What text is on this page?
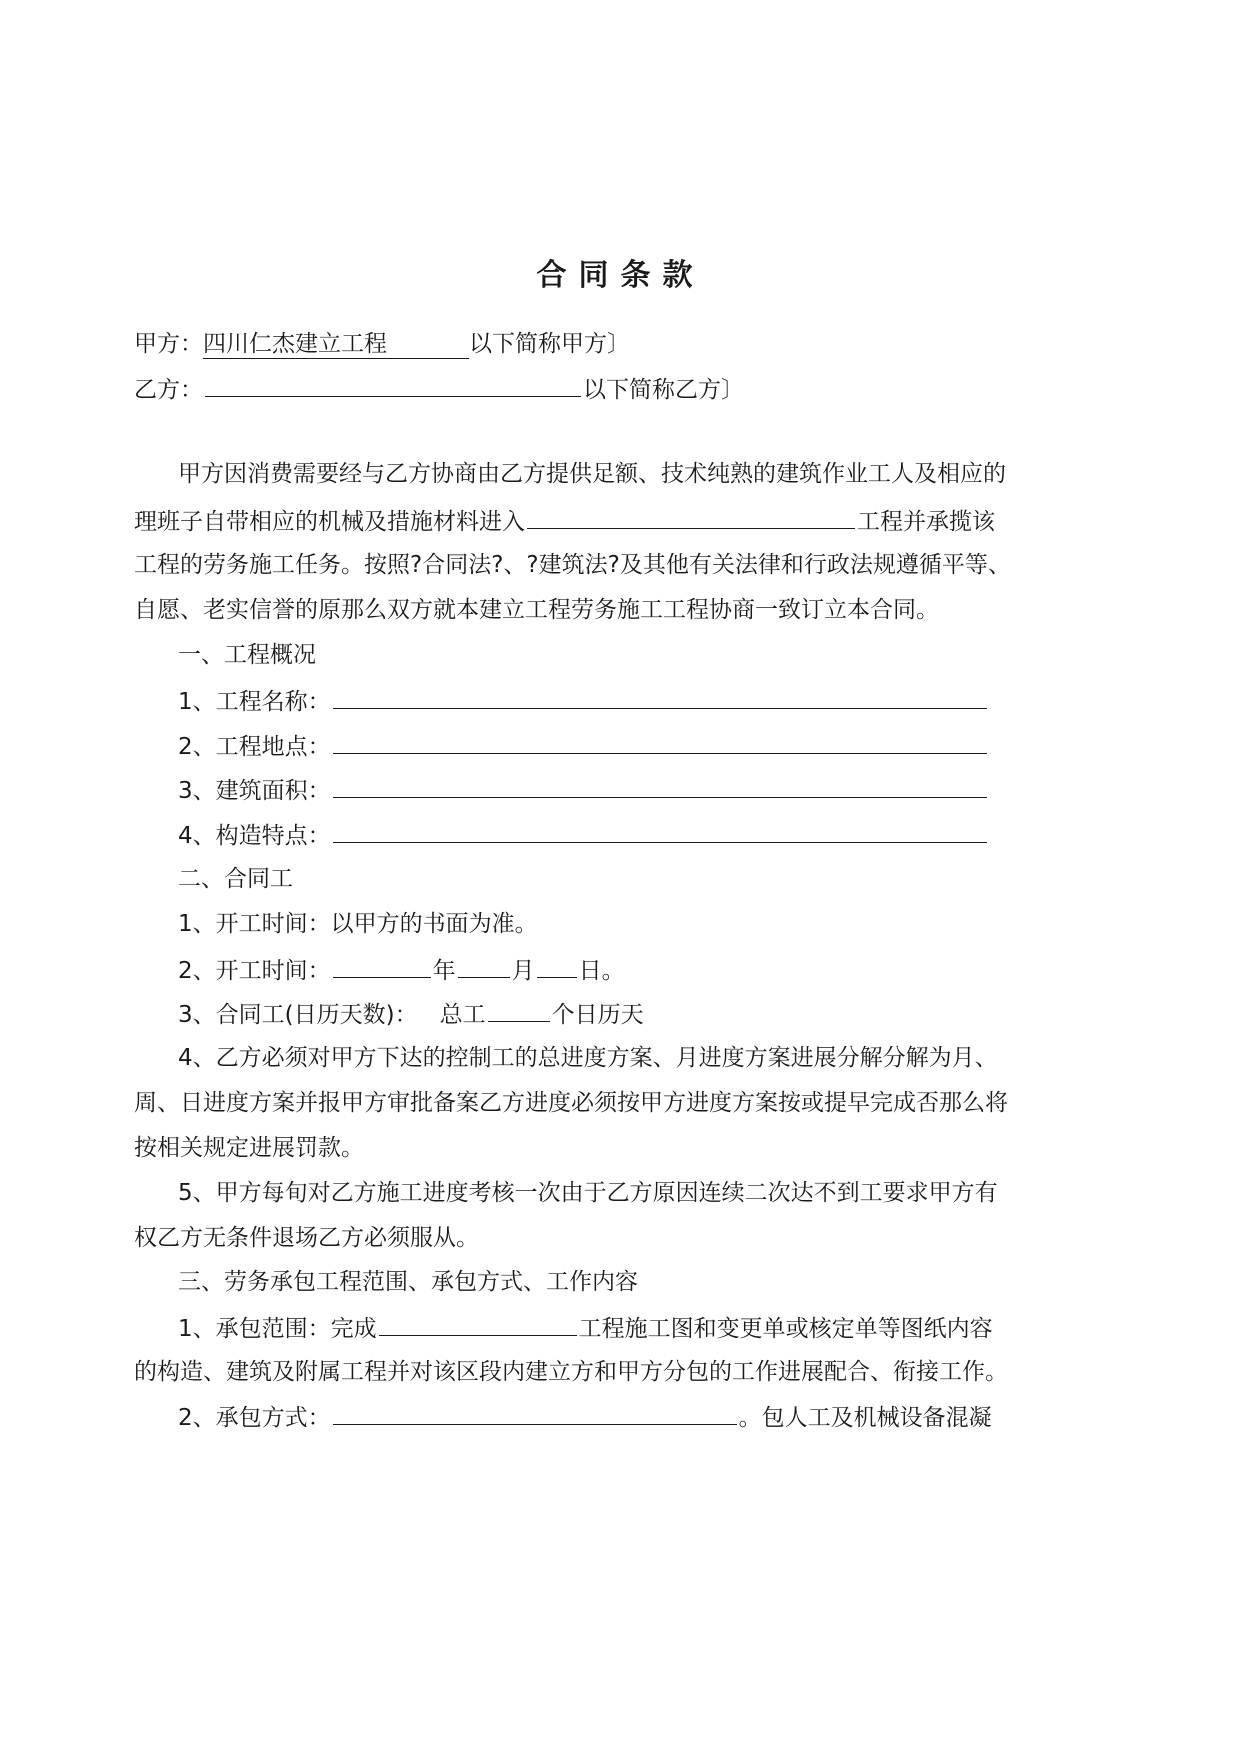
合同条款
甲方：四川仁杰建立工程	以下简称甲方〕
乙方：	以下简称乙方〕
甲方因消费需要经与乙方协商由乙方提供足额、技术纯熟的建筑作业工人及相应的
理班子自带相应的机械及措施材料进入	工程并承揽该
工程的劳务施工任务。按照?合同法?、?建筑法?及其他有关法律和行政法规遵循平等、
自愿、老实信誉的原那么双方就本建立工程劳务施工工程协商一致订立本合同。
一、工程概况
1、工程名称：
2、工程地点：
3、建筑面积：
4、构造特点：
二、合同工
1、开工时间：以甲方的书面为准。
2、开工时间：	年 月 日。
3、合同工(日历天数)： 总工	个日历天
4、乙方必须对甲方下达的控制工的总进度方案、月进度方案进展分解分解为月、
周、日进度方案并报甲方审批备案乙方进度必须按甲方进度方案按或提早完成否那么将
按相关规定进展罚款。
5、甲方每旬对乙方施工进度考核一次由于乙方原因连续二次达不到工要求甲方有
权乙方无条件退场乙方必须服从。
三、劳务承包工程范围、承包方式、工作内容
1、承包范围：完成	工程施工图和变更单或核定单等图纸内容
的构造、建筑及附属工程并对该区段内建立方和甲方分包的工作进展配合、衔接工作。
2、承包方式：	。包人工及机械设备混凝
